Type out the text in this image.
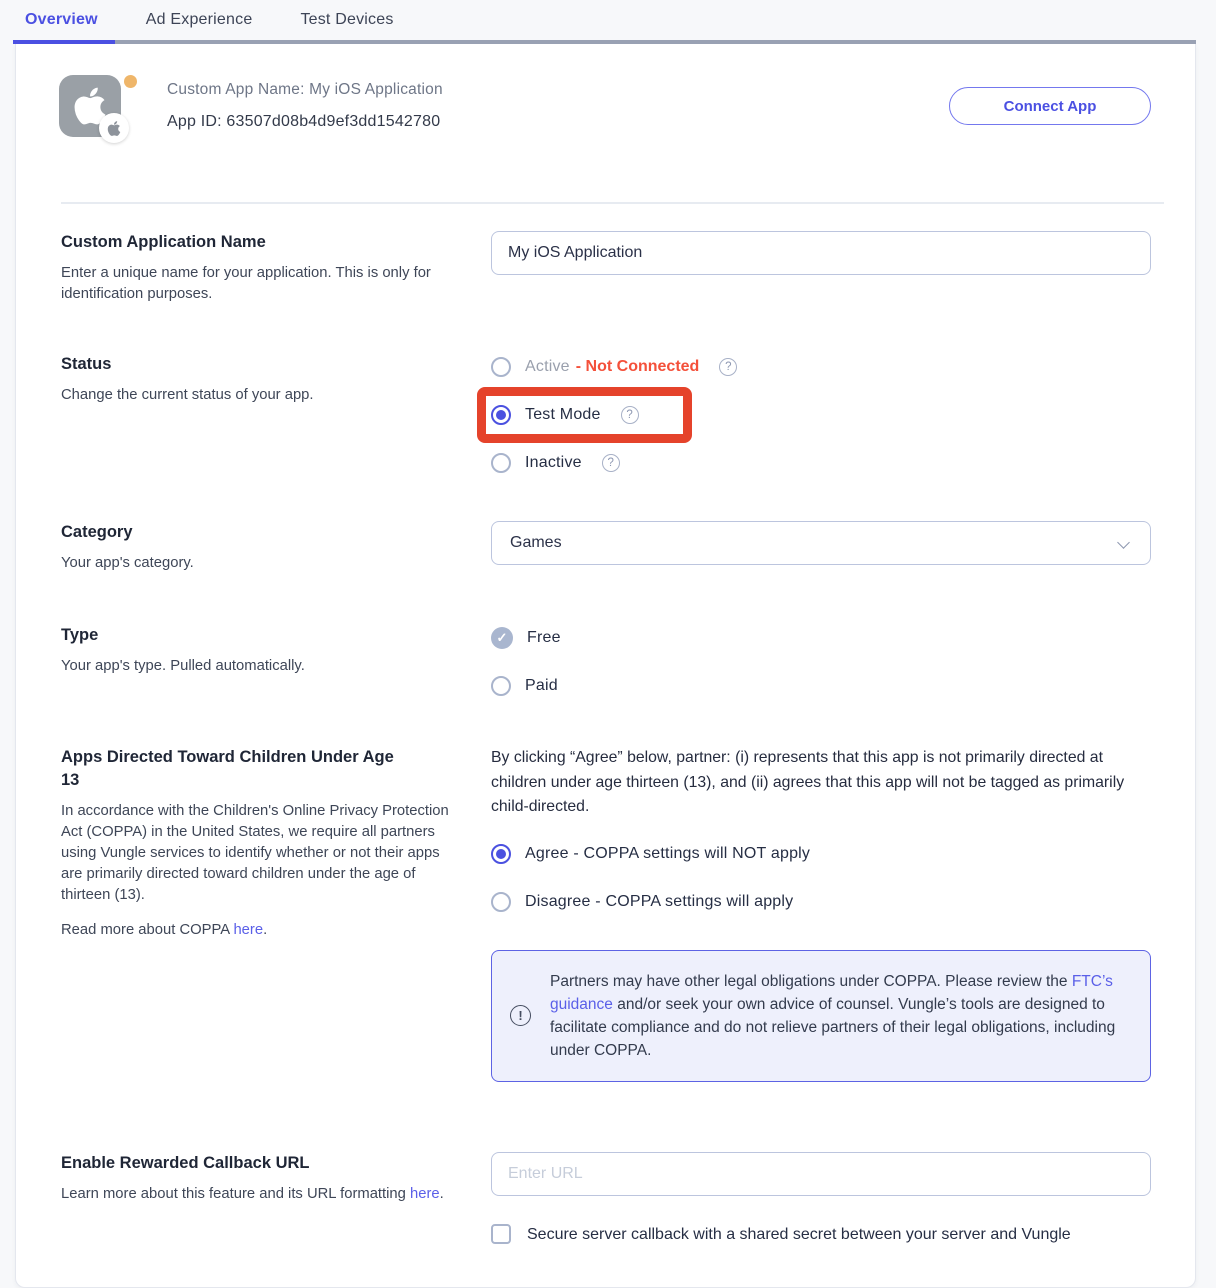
Overview	Ad Experience	Test Devices
Custom App Name: My iOS Application
App ID: 63507d08b4d9ef3dd1542780
Connect App
Custom Application Name

Enter a unique name for your application. This is only for identification purposes.

My iOS Application
Status

Change the current status of your app.

Active - Not Connected ?
Test Mode ?
Inactive ?
Category

Your app's category.

Games
Type

Your app's type. Pulled automatically.

✓ Free
Paid
Apps Directed Toward Children Under Age 13

In accordance with the Children's Online Privacy Protection Act (COPPA) in the United States, we require all partners using Vungle services to identify whether or not their apps are primarily directed toward children under the age of thirteen (13).

Read more about COPPA here.

By clicking “Agree” below, partner: (i) represents that this app is not primarily directed at children under age thirteen (13), and (ii) agrees that this app will not be tagged as primarily child-directed.

Agree - COPPA settings will NOT apply
Disagree - COPPA settings will apply
!
Partners may have other legal obligations under COPPA. Please review the FTC’s guidance and/or seek your own advice of counsel. Vungle’s tools are designed to facilitate compliance and do not relieve partners of their legal obligations, including under COPPA.
Enable Rewarded Callback URL

Learn more about this feature and its URL formatting here.

Enter URL
Secure server callback with a shared secret between your server and Vungle
